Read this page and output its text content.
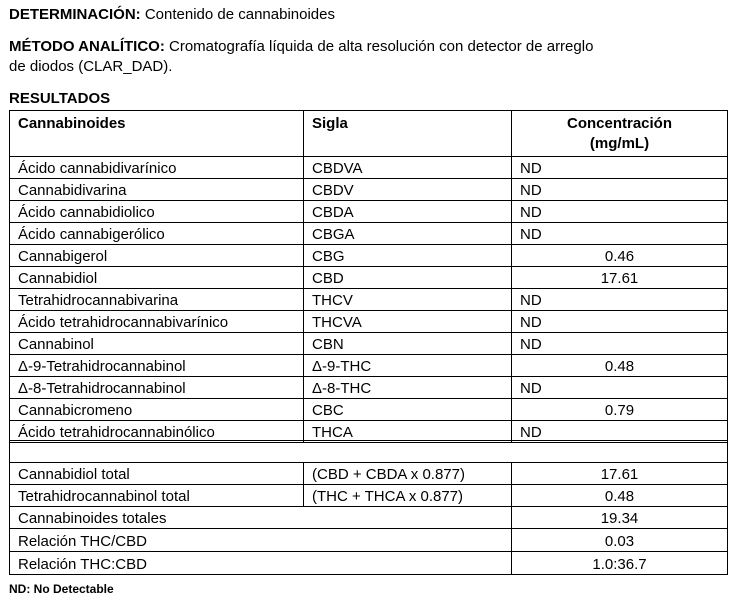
DETERMINACIÓN: Contenido de cannabinoides
MÉTODO ANALÍTICO: Cromatografía líquida de alta resolución con detector de arreglo
de diodos (CLAR_DAD).
RESULTADOS
Cannabinoides	Sigla	Concentración
(mg/mL)
Ácido cannabidivarínico	CBDVA	ND
Cannabidivarina	CBDV	ND
Ácido cannabidiolico	CBDA	ND
Ácido cannabigerólico	CBGA	ND
Cannabigerol	CBG	0.46
Cannabidiol	CBD	17.61
Tetrahidrocannabivarina	THCV	ND
Ácido tetrahidrocannabivarínico	THCVA	ND
Cannabinol	CBN	ND
Δ-9-Tetrahidrocannabinol	Δ-9-THC	0.48
Δ-8-Tetrahidrocannabinol	Δ-8-THC	ND
Cannabicromeno	CBC	0.79
Ácido tetrahidrocannabinólico	THCA	ND

Cannabidiol total	(CBD + CBDA x 0.877)	17.61
Tetrahidrocannabinol total	(THC + THCA x 0.877)	0.48
Cannabinoides totales		19.34
Relación THC/CBD		0.03
Relación THC:CBD		1.0:36.7
ND: No Detectable
